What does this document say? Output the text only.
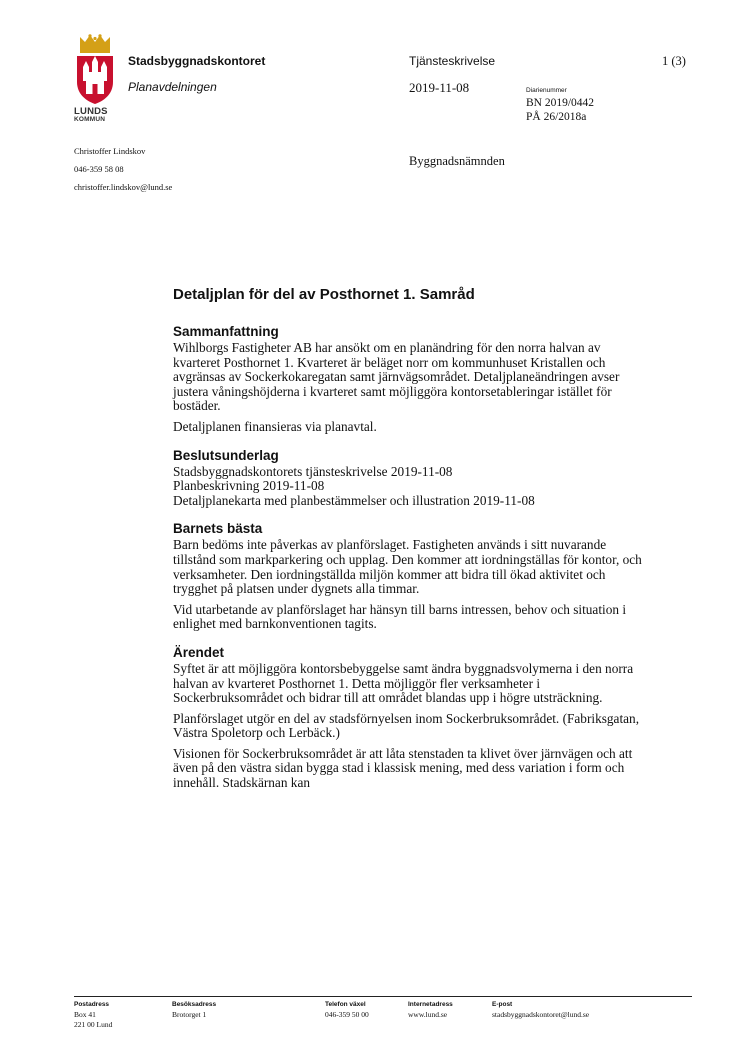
LUNDS
KOMMUN
Stadsbyggnadskontoret
Planavdelningen
Tjänsteskrivelse	1 (3)
2019-11-08	Diarienummer
BN 2019/0442
PÅ 26/2018a
Christoffer Lindskov
046-359 58 08
christoffer.lindskov@lund.se
Byggnadsnämnden
Detaljplan för del av Posthornet 1. Samråd
Sammanfattning

Wihlborgs Fastigheter AB har ansökt om en planändring för den norra halvan av kvarteret Posthornet 1. Kvarteret är beläget norr om kommunhuset Kristallen och avgränsas av Sockerkokaregatan samt järnvägsområdet. Detaljplaneändringen avser justera våningshöjderna i kvarteret samt möjliggöra kontorsetableringar istället för bostäder.

Detaljplanen finansieras via planavtal.

Beslutsunderlag

Stadsbyggnadskontorets tjänsteskrivelse 2019-11-08

Planbeskrivning 2019-11-08

Detaljplanekarta med planbestämmelser och illustration 2019-11-08

Barnets bästa

Barn bedöms inte påverkas av planförslaget. Fastigheten används i sitt nuvarande tillstånd som markparkering och upplag. Den kommer att iordningställas för kontor, och verksamheter. Den iordningställda miljön kommer att bidra till ökad aktivitet och trygghet på platsen under dygnets alla timmar.

Vid utarbetande av planförslaget har hänsyn till barns intressen, behov och situation i enlighet med barnkonventionen tagits.

Ärendet

Syftet är att möjliggöra kontorsbebyggelse samt ändra byggnadsvolymerna i den norra halvan av kvarteret Posthornet 1. Detta möjliggör fler verksamheter i Sockerbruksområdet och bidrar till att området blandas upp i högre utsträckning.

Planförslaget utgör en del av stadsförnyelsen inom Sockerbruksområdet. (Fabriksgatan, Västra Spoletorp och Lerbäck.)

Visionen för Sockerbruksområdet är att låta stenstaden ta klivet över järnvägen och att även på den västra sidan bygga stad i klassisk mening, med dess variation i form och innehåll. Stadskärnan kan

Postadress
Box 41
221 00 Lund
Besöksadress
Brotorget 1
Telefon växel
046-359 50 00
Internetadress
www.lund.se
E-post
stadsbyggnadskontoret@lund.se
